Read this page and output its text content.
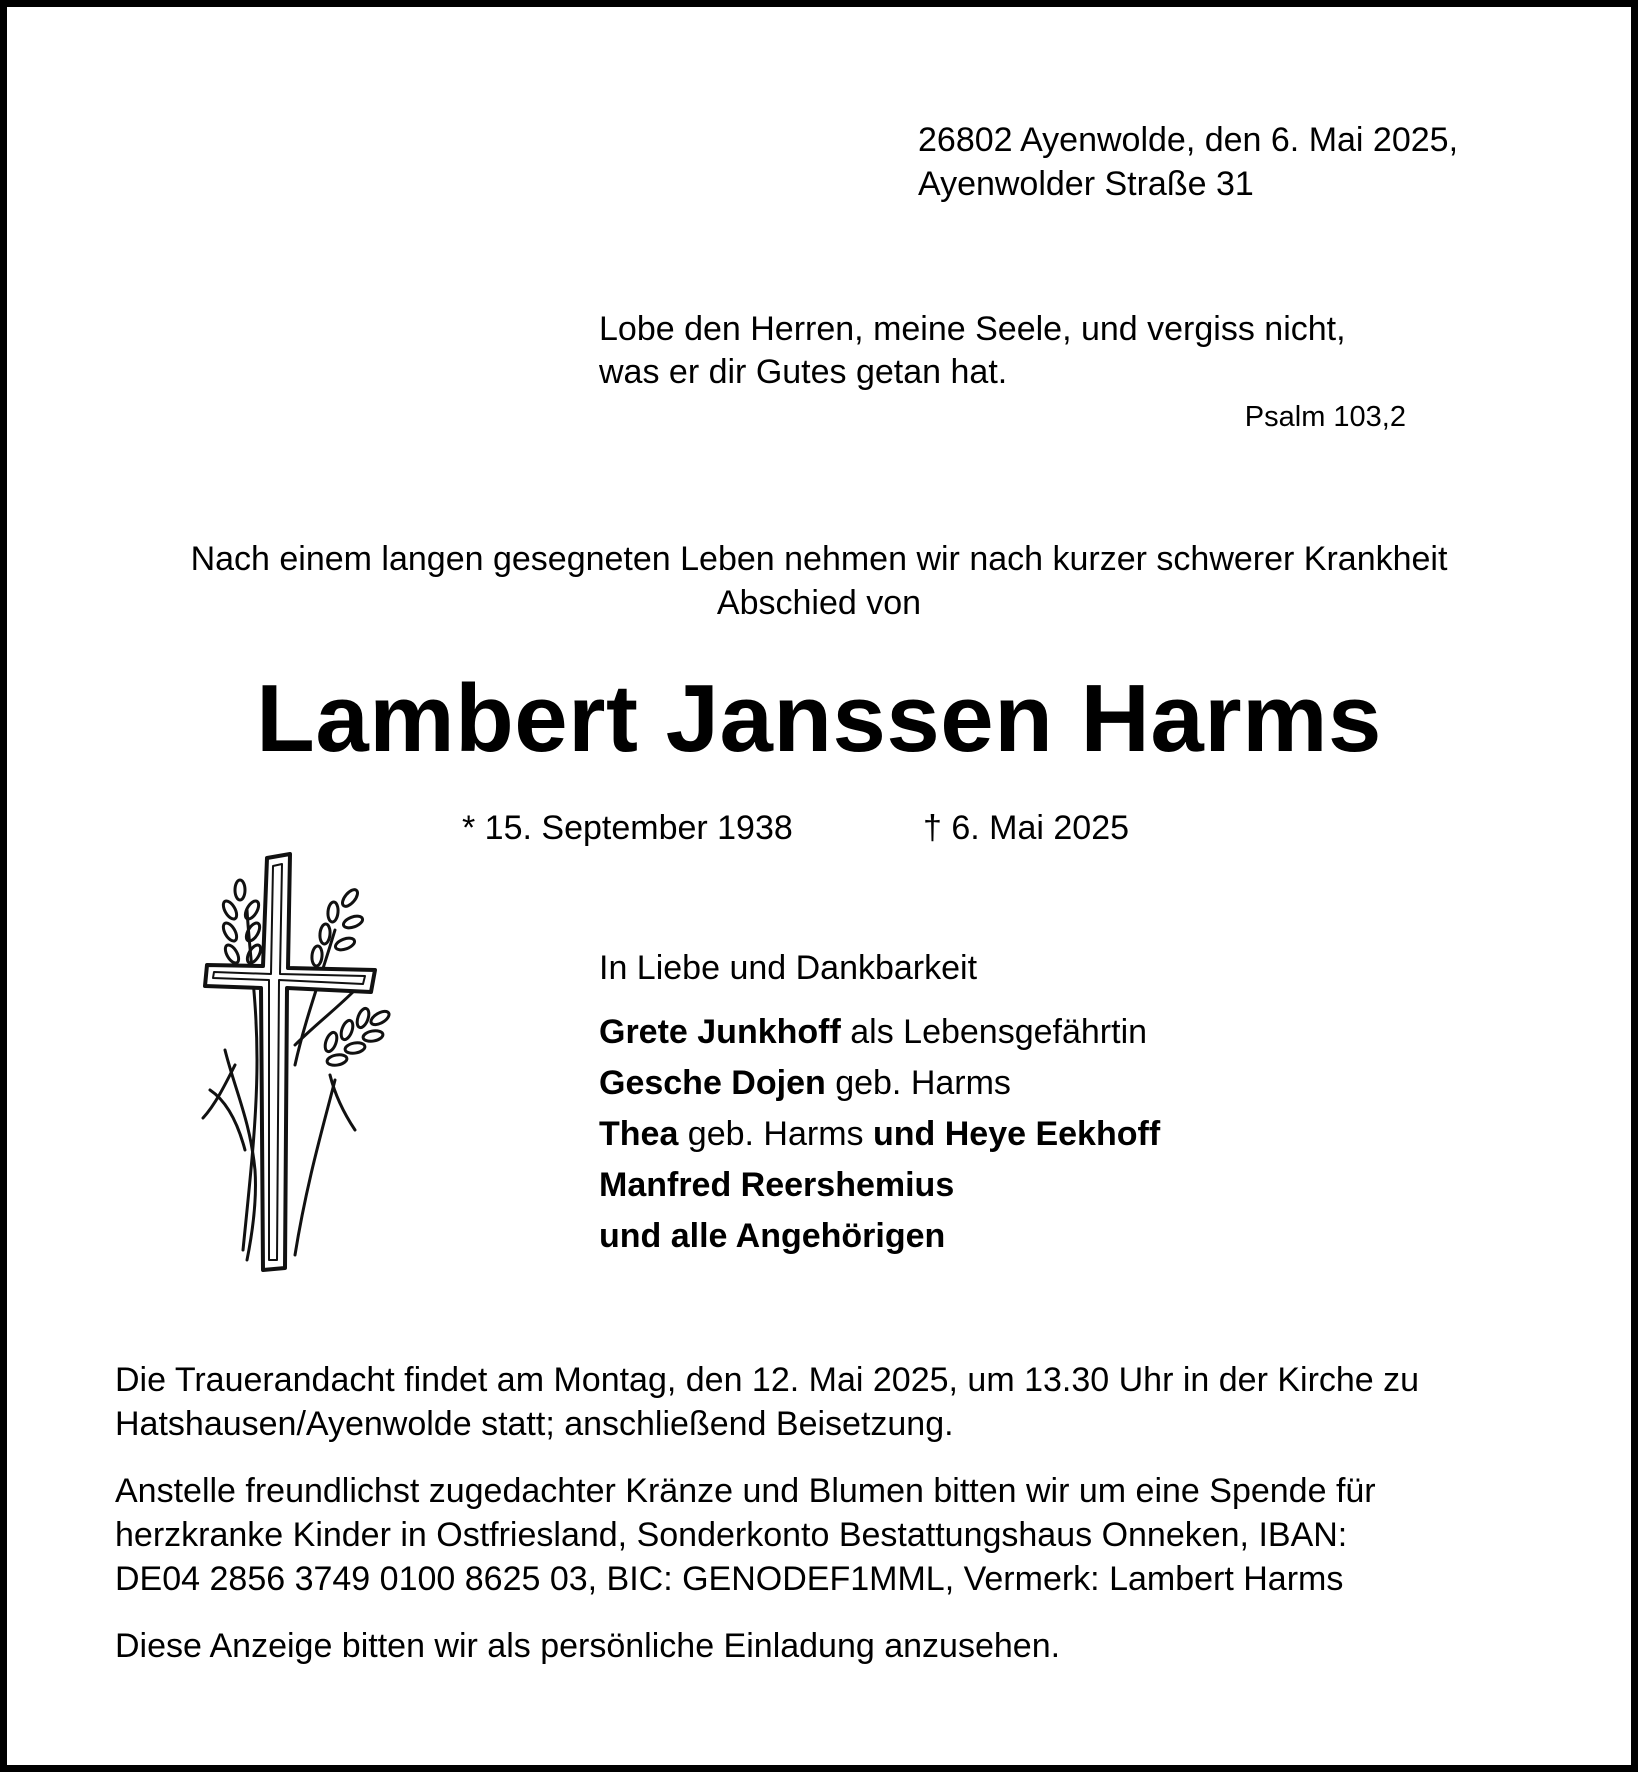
26802 Ayenwolde, den 6. Mai 2025,
Ayenwolder Straße 31
Lobe den Herren, meine Seele, und vergiss nicht,
was er dir Gutes getan hat.
Psalm 103,2
Nach einem langen gesegneten Leben nehmen wir nach kurzer schwerer Krankheit
Abschied von
Lambert Janssen Harms
* 15. September 1938	† 6. Mai 2025
In Liebe und Dankbarkeit
Grete Junkhoff als Lebensgefährtin
Gesche Dojen geb. Harms
Thea geb. Harms und Heye Eekhoff
Manfred Reershemius
und alle Angehörigen
Die Trauerandacht findet am Montag, den 12. Mai 2025, um 13.30 Uhr in der Kirche zu Hatshausen/Ayenwolde statt; anschließend Beisetzung.
Anstelle freundlichst zugedachter Kränze und Blumen bitten wir um eine Spende für
herzkranke Kinder in Ostfriesland, Sonderkonto Bestattungshaus Onneken, IBAN:
DE04 2856 3749 0100 8625 03, BIC: GENODEF1MML, Vermerk: Lambert Harms
Diese Anzeige bitten wir als persönliche Einladung anzusehen.
